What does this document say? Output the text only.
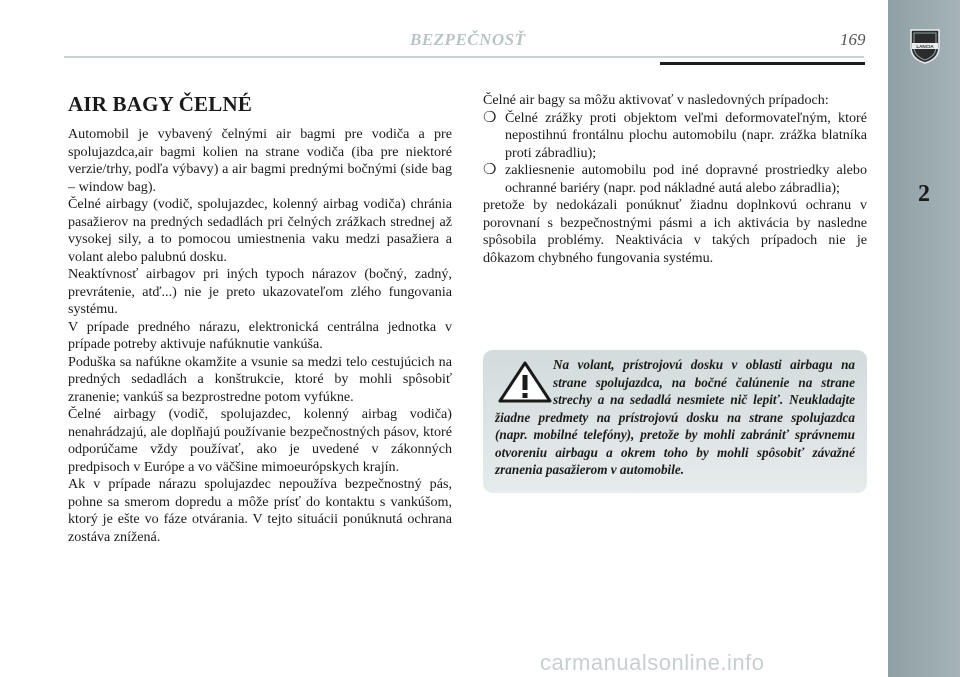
BEZPEČNOSŤ	169	LANCIA
2
AIR BAGY ČELNÉ

Automobil je vybavený čelnými air bagmi pre vodiča a pre spolujazdca,air bagmi kolien na strane vodiča (iba pre niektoré verzie/trhy, podľa výbavy) a air bagmi prednými bočnými (side bag – window bag).

Čelné airbagy (vodič, spolujazdec, kolenný airbag vodiča) chránia pasažierov na predných sedadlách pri čelných zrážkach strednej až vysokej sily, a to pomocou umiestnenia vaku medzi pasažiera a volant alebo palubnú dosku.

Neaktívnosť airbagov pri iných typoch nárazov (bočný, zadný, prevrátenie, atď...) nie je preto ukazovateľom zlého fungovania systému.

V prípade predného nárazu, elektronická centrálna jednotka v prípade potreby aktivuje nafúknutie vankúša.

Poduška sa nafúkne okamžite a vsunie sa medzi telo cestujúcich na predných sedadlách a konštrukcie, ktoré by mohli spôsobiť zranenie; vankúš sa bezprostredne potom vyfúkne.

Čelné airbagy (vodič, spolujazdec, kolenný airbag vodiča) nenahrádzajú, ale doplňajú používanie bezpečnostných pásov, ktoré odporúčame vždy používať, ako je uvedené v zákonných predpisoch v Európe a vo väčšine mimoeurópskych krajín.

Ak v prípade nárazu spolujazdec nepoužíva bezpečnostný pás, pohne sa smerom dopredu a môže prísť do kontaktu s vankúšom, ktorý je ešte vo fáze otvárania. V tejto situácii ponúknutá ochrana zostáva znížená.

Čelné air bagy sa môžu aktivovať v nasledovných prípadoch:

❍ Čelné zrážky proti objektom veľmi deformovateľným, ktoré nepostihnú frontálnu plochu automobilu (napr. zrážka blatníka proti zábradliu);
❍ zakliesnenie automobilu pod iné dopravné prostriedky alebo ochranné bariéry (napr. pod nákladné autá alebo zábradlia);

pretože by nedokázali ponúknuť žiadnu doplnkovú ochranu v porovnaní s bezpečnostnými pásmi a ich aktivácia by nasledne spôsobila problémy. Neaktivácia v takých prípadoch nie je dôkazom chybného fungovania systému.

Na volant, prístrojovú dosku v oblasti airbagu na strane spolujazdca, na bočné čalúnenie na strane strechy a na sedadlá nesmiete nič lepiť. Neukladajte žiadne predmety na prístrojovú dosku na strane spolujazdca (napr. mobilné telefóny), pretože by mohli zabrániť správnemu otvoreniu airbagu a okrem toho by mohli spôsobiť závažné zranenia pasažierom v automobile.
carmanualsonline.info
